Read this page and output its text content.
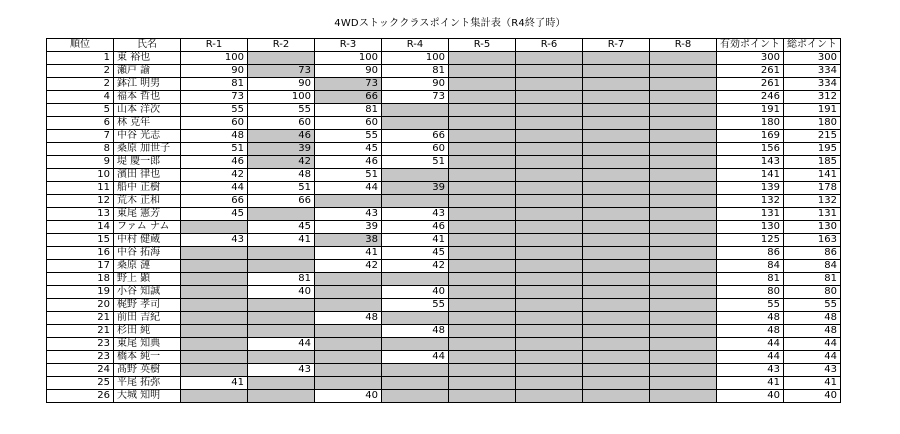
4WDストッククラスポイント集計表（R4終了時）
順位	氏名	R-1	R-2	R-3	R-4	R-5	R-6	R-7	R-8	有効ポイント	総ポイント
1	東 裕也	100		100	100					300	300
2	瀬戸 諭	90	73	90	81					261	334
2	鉢江 明男	81	90	73	90					261	334
4	福本 哲也	73	100	66	73					246	312
5	山本 洋次	55	55	81						191	191
6	林 克年	60	60	60						180	180
7	中谷 光志	48	46	55	66					169	215
8	桑原 加世子	51	39	45	60					156	195
9	堤 慶一郎	46	42	46	51					143	185
10	濱田 律也	42	48	51						141	141
11	船中 正樹	44	51	44	39					139	178
12	荒木 正和	66	66							132	132
13	東尾 憲芳	45		43	43					131	131
14	ファム ナム		45	39	46					130	130
15	中村 健蔵	43	41	38	41					125	163
16	中谷 拓海			41	45					86	86
17	桑原 漣			42	42					84	84
18	野上 顕		81							81	81
19	小谷 知誠		40		40					80	80
20	梶野 孝司				55					55	55
21	前田 吉紀			48						48	48
21	杉田 純				48					48	48
23	東尾 知典		44							44	44
23	橋本 純一				44					44	44
24	髙野 英樹		43							43	43
25	平尾 拓弥	41								41	41
26	大城 知明			40						40	40
